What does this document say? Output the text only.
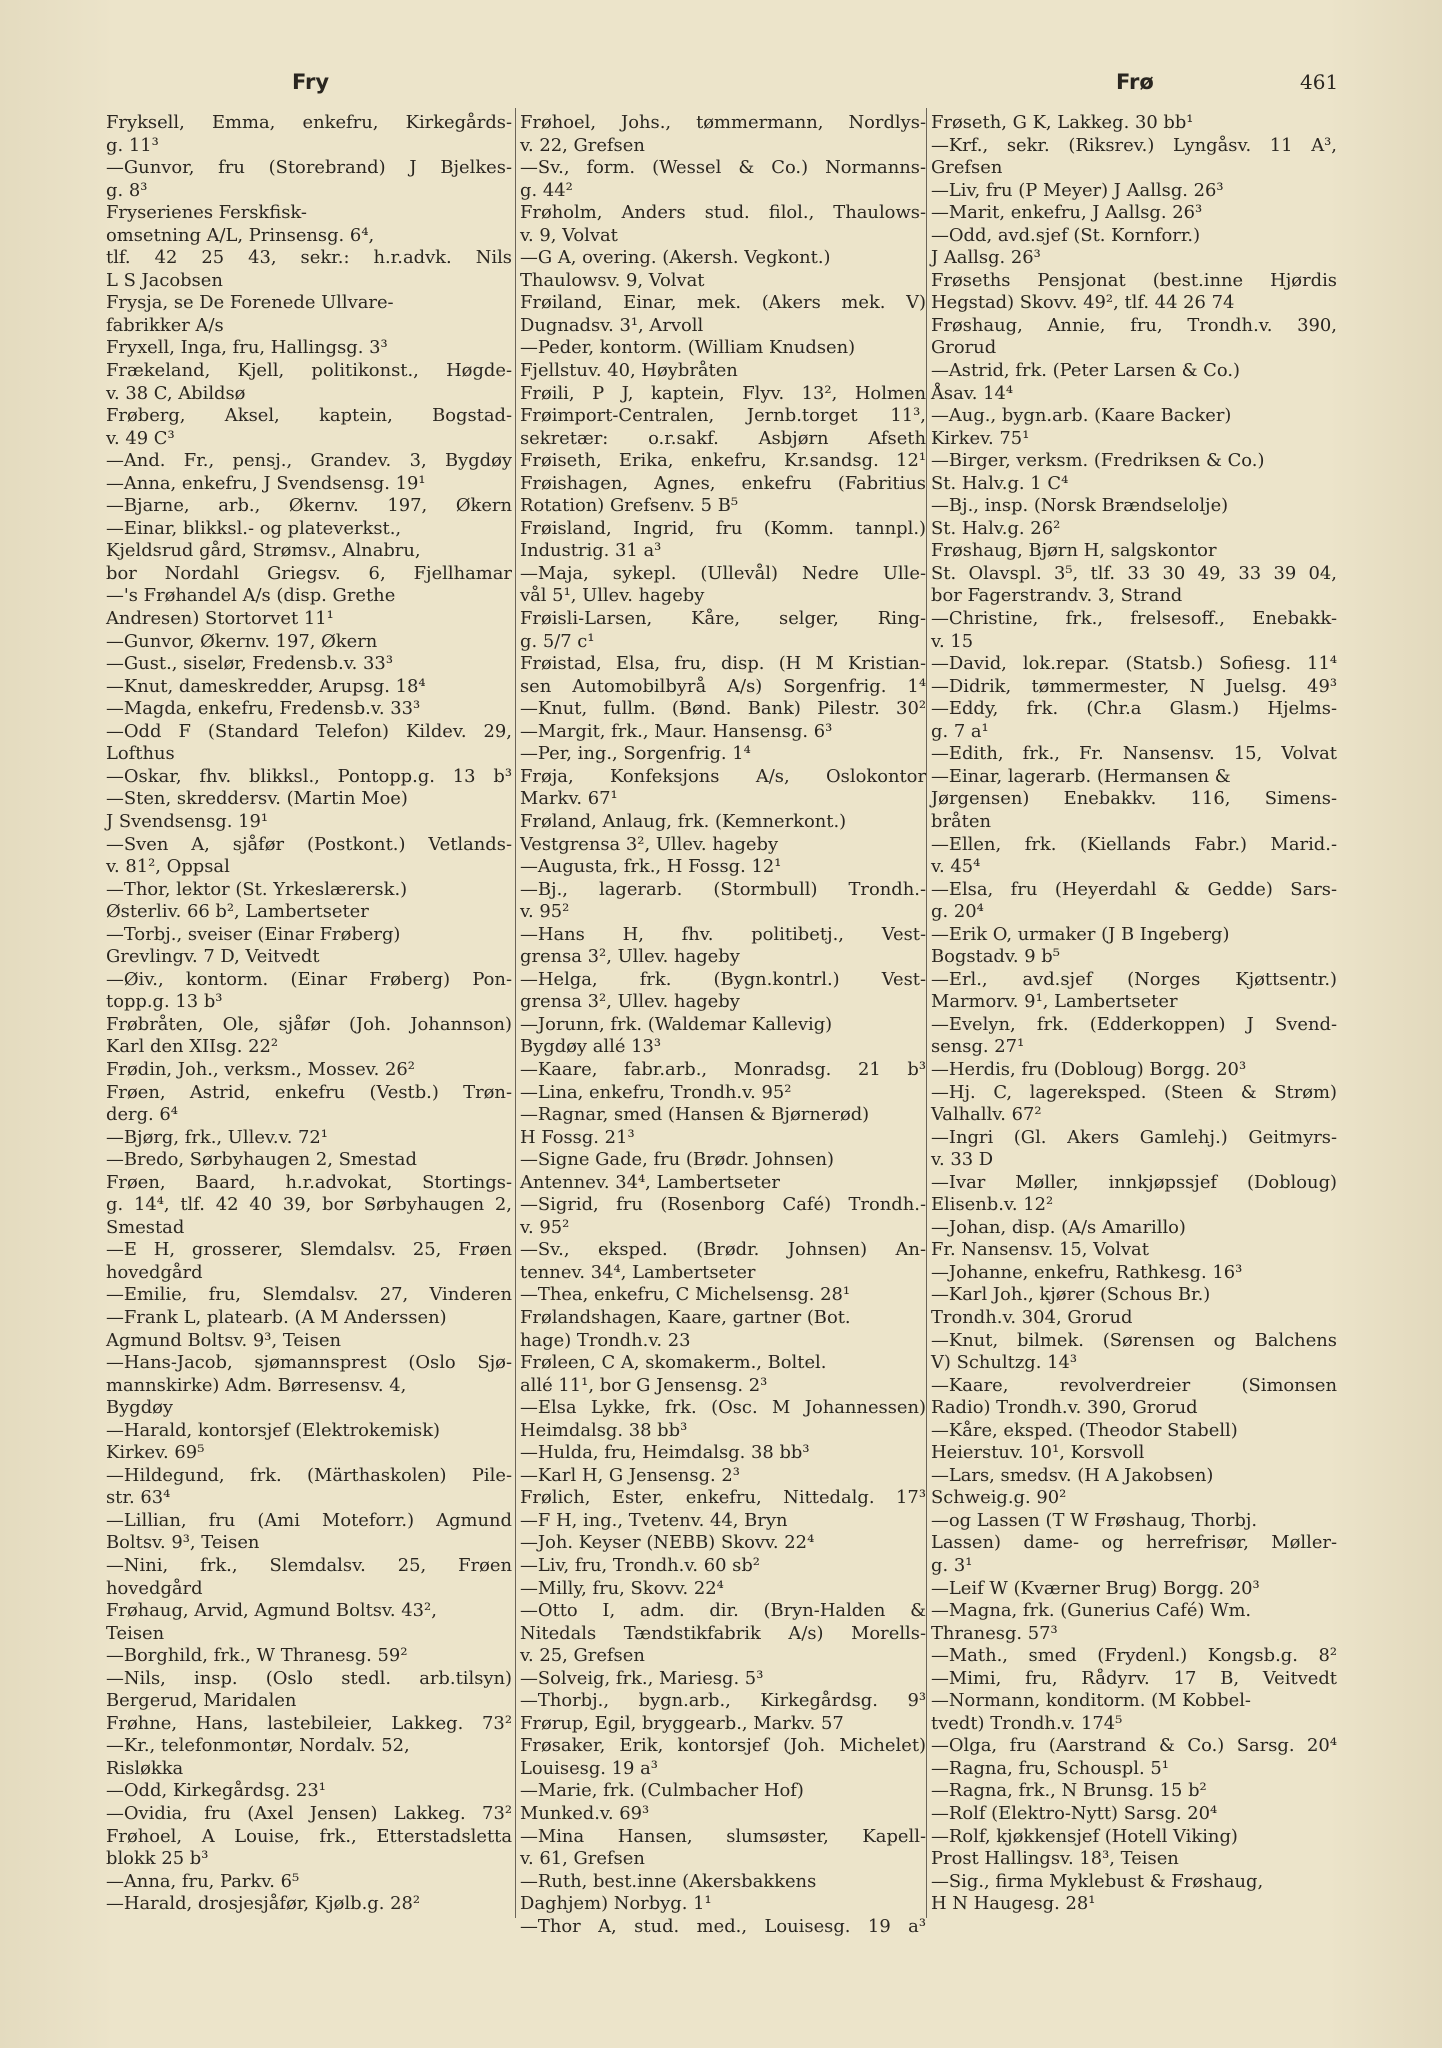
Fry	Frø	461
Fryksell, Emma, enkefru, Kirkegårds-
g. 11³
—Gunvor, fru (Storebrand) J Bjelkes-
g. 8³
Fryserienes Ferskfisk-
omsetning A/L, Prinsensg. 6⁴,
tlf. 42 25 43, sekr.: h.r.advk. Nils
L S Jacobsen
Frysja, se De Forenede Ullvare-
fabrikker A/s
Fryxell, Inga, fru, Hallingsg. 3³
Frækeland, Kjell, politikonst., Høgde-
v. 38 C, Abildsø
Frøberg, Aksel, kaptein, Bogstad-
v. 49 C³
—And. Fr., pensj., Grandev. 3, Bygdøy
—Anna, enkefru, J Svendsensg. 19¹
—Bjarne, arb., Økernv. 197, Økern
—Einar, blikksl.- og plateverkst.,
Kjeldsrud gård, Strømsv., Alnabru,
bor Nordahl Griegsv. 6, Fjellhamar
—'s Frøhandel A/s (disp. Grethe
Andresen) Stortorvet 11¹
—Gunvor, Økernv. 197, Økern
—Gust., siselør, Fredensb.v. 33³
—Knut, dameskredder, Arupsg. 18⁴
—Magda, enkefru, Fredensb.v. 33³
—Odd F (Standard Telefon) Kildev. 29,
Lofthus
—Oskar, fhv. blikksl., Pontopp.g. 13 b³
—Sten, skreddersv. (Martin Moe)
J Svendsensg. 19¹
—Sven A, sjåfør (Postkont.) Vetlands-
v. 81², Oppsal
—Thor, lektor (St. Yrkeslærersk.)
Østerliv. 66 b², Lambertseter
—Torbj., sveiser (Einar Frøberg)
Grevlingv. 7 D, Veitvedt
—Øiv., kontorm. (Einar Frøberg) Pon-
topp.g. 13 b³
Frøbråten, Ole, sjåfør (Joh. Johannson)
Karl den XIIsg. 22²
Frødin, Joh., verksm., Mossev. 26²
Frøen, Astrid, enkefru (Vestb.) Trøn-
derg. 6⁴
—Bjørg, frk., Ullev.v. 72¹
—Bredo, Sørbyhaugen 2, Smestad
Frøen, Baard, h.r.advokat, Stortings-
g. 14⁴, tlf. 42 40 39, bor Sørbyhaugen 2,
Smestad
—E H, grosserer, Slemdalsv. 25, Frøen
hovedgård
—Emilie, fru, Slemdalsv. 27, Vinderen
—Frank L, platearb. (A M Anderssen)
Agmund Boltsv. 9³, Teisen
—Hans-Jacob, sjømannsprest (Oslo Sjø-
mannskirke) Adm. Børresensv. 4,
Bygdøy
—Harald, kontorsjef (Elektrokemisk)
Kirkev. 69⁵
—Hildegund, frk. (Märthaskolen) Pile-
str. 63⁴
—Lillian, fru (Ami Moteforr.) Agmund
Boltsv. 9³, Teisen
—Nini, frk., Slemdalsv. 25, Frøen
hovedgård
Frøhaug, Arvid, Agmund Boltsv. 43²,
Teisen
—Borghild, frk., W Thranesg. 59²
—Nils, insp. (Oslo stedl. arb.tilsyn)
Bergerud, Maridalen
Frøhne, Hans, lastebileier, Lakkeg. 73²
—Kr., telefonmontør, Nordalv. 52,
Risløkka
—Odd, Kirkegårdsg. 23¹
—Ovidia, fru (Axel Jensen) Lakkeg. 73²
Frøhoel, A Louise, frk., Etterstadsletta
blokk 25 b³
—Anna, fru, Parkv. 6⁵
—Harald, drosjesjåfør, Kjølb.g. 28²
Frøhoel, Johs., tømmermann, Nordlys-
v. 22, Grefsen
—Sv., form. (Wessel & Co.) Normanns-
g. 44²
Frøholm, Anders stud. filol., Thaulows-
v. 9, Volvat
—G A, overing. (Akersh. Vegkont.)
Thaulowsv. 9, Volvat
Frøiland, Einar, mek. (Akers mek. V)
Dugnadsv. 3¹, Arvoll
—Peder, kontorm. (William Knudsen)
Fjellstuv. 40, Høybråten
Frøili, P J, kaptein, Flyv. 13², Holmen
Frøimport-Centralen, Jernb.torget 11³,
sekretær: o.r.sakf. Asbjørn Afseth
Frøiseth, Erika, enkefru, Kr.sandsg. 12¹
Frøishagen, Agnes, enkefru (Fabritius
Rotation) Grefsenv. 5 B⁵
Frøisland, Ingrid, fru (Komm. tannpl.)
Industrig. 31 a³
—Maja, sykepl. (Ullevål) Nedre Ulle-
vål 5¹, Ullev. hageby
Frøisli-Larsen, Kåre, selger, Ring-
g. 5/7 c¹
Frøistad, Elsa, fru, disp. (H M Kristian-
sen Automobilbyrå A/s) Sorgenfrig. 1⁴
—Knut, fullm. (Bønd. Bank) Pilestr. 30²
—Margit, frk., Maur. Hansensg. 6³
—Per, ing., Sorgenfrig. 1⁴
Frøja, Konfeksjons A/s, Oslokontor
Markv. 67¹
Frøland, Anlaug, frk. (Kemnerkont.)
Vestgrensa 3², Ullev. hageby
—Augusta, frk., H Fossg. 12¹
—Bj., lagerarb. (Stormbull) Trondh.-
v. 95²
—Hans H, fhv. politibetj., Vest-
grensa 3², Ullev. hageby
—Helga, frk. (Bygn.kontrl.) Vest-
grensa 3², Ullev. hageby
—Jorunn, frk. (Waldemar Kallevig)
Bygdøy allé 13³
—Kaare, fabr.arb., Monradsg. 21 b³
—Lina, enkefru, Trondh.v. 95²
—Ragnar, smed (Hansen & Bjørnerød)
H Fossg. 21³
—Signe Gade, fru (Brødr. Johnsen)
Antennev. 34⁴, Lambertseter
—Sigrid, fru (Rosenborg Café) Trondh.-
v. 95²
—Sv., eksped. (Brødr. Johnsen) An-
tennev. 34⁴, Lambertseter
—Thea, enkefru, C Michelsensg. 28¹
Frølandshagen, Kaare, gartner (Bot.
hage) Trondh.v. 23
Frøleen, C A, skomakerm., Boltel.
allé 11¹, bor G Jensensg. 2³
—Elsa Lykke, frk. (Osc. M Johannessen)
Heimdalsg. 38 bb³
—Hulda, fru, Heimdalsg. 38 bb³
—Karl H, G Jensensg. 2³
Frølich, Ester, enkefru, Nittedalg. 17³
—F H, ing., Tvetenv. 44, Bryn
—Joh. Keyser (NEBB) Skovv. 22⁴
—Liv, fru, Trondh.v. 60 sb²
—Milly, fru, Skovv. 22⁴
—Otto I, adm. dir. (Bryn-Halden &
Nitedals Tændstikfabrik A/s) Morells-
v. 25, Grefsen
—Solveig, frk., Mariesg. 5³
—Thorbj., bygn.arb., Kirkegårdsg. 9³
Frørup, Egil, bryggearb., Markv. 57
Frøsaker, Erik, kontorsjef (Joh. Michelet)
Louisesg. 19 a³
—Marie, frk. (Culmbacher Hof)
Munked.v. 69³
—Mina Hansen, slumsøster, Kapell-
v. 61, Grefsen
—Ruth, best.inne (Akersbakkens
Daghjem) Norbyg. 1¹
—Thor A, stud. med., Louisesg. 19 a³
Frøseth, G K, Lakkeg. 30 bb¹
—Krf., sekr. (Riksrev.) Lyngåsv. 11 A³,
Grefsen
—Liv, fru (P Meyer) J Aallsg. 26³
—Marit, enkefru, J Aallsg. 26³
—Odd, avd.sjef (St. Kornforr.)
J Aallsg. 26³
Frøseths Pensjonat (best.inne Hjørdis
Hegstad) Skovv. 49², tlf. 44 26 74
Frøshaug, Annie, fru, Trondh.v. 390,
Grorud
—Astrid, frk. (Peter Larsen & Co.)
Åsav. 14⁴
—Aug., bygn.arb. (Kaare Backer)
Kirkev. 75¹
—Birger, verksm. (Fredriksen & Co.)
St. Halv.g. 1 C⁴
—Bj., insp. (Norsk Brændselolje)
St. Halv.g. 26²
Frøshaug, Bjørn H, salgskontor
St. Olavspl. 3⁵, tlf. 33 30 49, 33 39 04,
bor Fagerstrandv. 3, Strand
—Christine, frk., frelsesoff., Enebakk-
v. 15
—David, lok.repar. (Statsb.) Sofiesg. 11⁴
—Didrik, tømmermester, N Juelsg. 49³
—Eddy, frk. (Chr.a Glasm.) Hjelms-
g. 7 a¹
—Edith, frk., Fr. Nansensv. 15, Volvat
—Einar, lagerarb. (Hermansen &
Jørgensen) Enebakkv. 116, Simens-
bråten
—Ellen, frk. (Kiellands Fabr.) Marid.-
v. 45⁴
—Elsa, fru (Heyerdahl & Gedde) Sars-
g. 20⁴
—Erik O, urmaker (J B Ingeberg)
Bogstadv. 9 b⁵
—Erl., avd.sjef (Norges Kjøttsentr.)
Marmorv. 9¹, Lambertseter
—Evelyn, frk. (Edderkoppen) J Svend-
sensg. 27¹
—Herdis, fru (Dobloug) Borgg. 20³
—Hj. C, lagereksped. (Steen & Strøm)
Valhallv. 67²
—Ingri (Gl. Akers Gamlehj.) Geitmyrs-
v. 33 D
—Ivar Møller, innkjøpssjef (Dobloug)
Elisenb.v. 12²
—Johan, disp. (A/s Amarillo)
Fr. Nansensv. 15, Volvat
—Johanne, enkefru, Rathkesg. 16³
—Karl Joh., kjører (Schous Br.)
Trondh.v. 304, Grorud
—Knut, bilmek. (Sørensen og Balchens
V) Schultzg. 14³
—Kaare, revolverdreier (Simonsen
Radio) Trondh.v. 390, Grorud
—Kåre, eksped. (Theodor Stabell)
Heierstuv. 10¹, Korsvoll
—Lars, smedsv. (H A Jakobsen)
Schweig.g. 90²
—og Lassen (T W Frøshaug, Thorbj.
Lassen) dame- og herrefrisør, Møller-
g. 3¹
—Leif W (Kværner Brug) Borgg. 20³
—Magna, frk. (Gunerius Café) Wm.
Thranesg. 57³
—Math., smed (Frydenl.) Kongsb.g. 8²
—Mimi, fru, Rådyrv. 17 B, Veitvedt
—Normann, konditorm. (M Kobbel-
tvedt) Trondh.v. 174⁵
—Olga, fru (Aarstrand & Co.) Sarsg. 20⁴
—Ragna, fru, Schouspl. 5¹
—Ragna, frk., N Brunsg. 15 b²
—Rolf (Elektro-Nytt) Sarsg. 20⁴
—Rolf, kjøkkensjef (Hotell Viking)
Prost Hallingsv. 18³, Teisen
—Sig., firma Myklebust & Frøshaug,
H N Haugesg. 28¹
